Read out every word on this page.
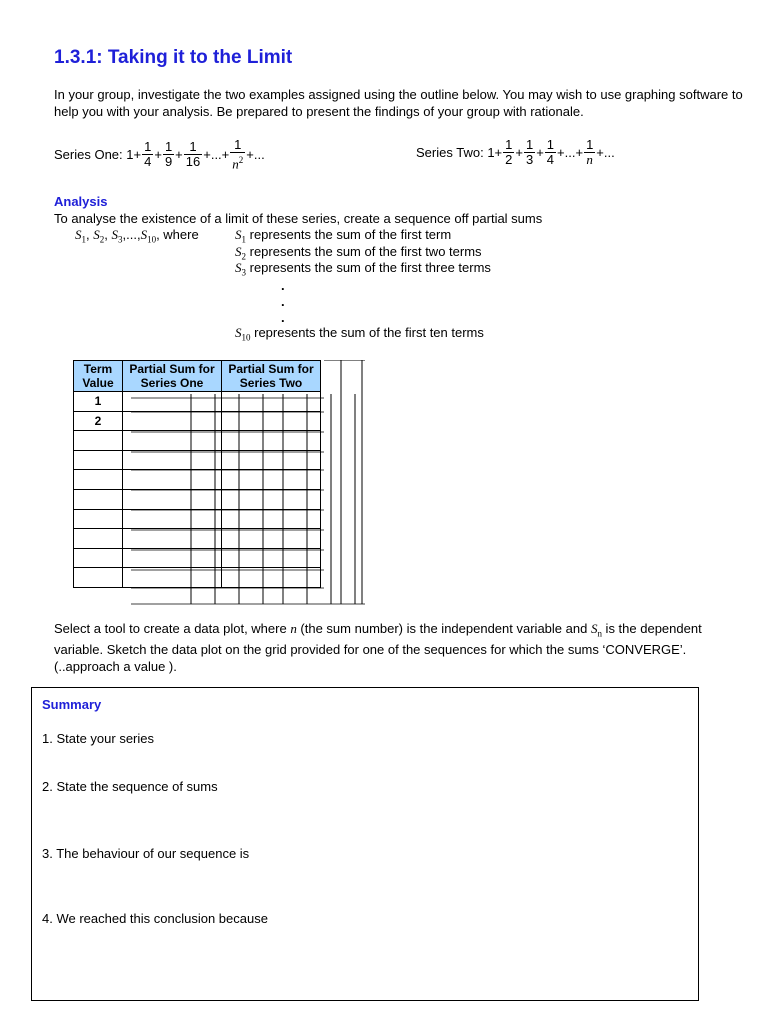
1.3.1: Taking it to the Limit
In your group, investigate the two examples assigned using the outline below. You may wish to use graphing software to help you with your analysis. Be prepared to present the findings of your group with rationale.
Series One: $1+ \frac{1}{4} + \frac{1}{9} + \frac{1}{16}$ +...+ $\frac{1}{n^2}$ +...	Series Two: $1+ \frac{1}{2} + \frac{1}{3} + \frac{1}{4}$ +...+ $\frac{1}{n}$ +...
Analysis
To analyse the existence of a limit of these series, create a sequence off partial sums
$S_1$, $S_2$, $S_3,...,S_{10}$, where	$S_1$ represents the sum of the first term
$S_2$ represents the sum of the first two terms
$S_3$ represents the sum of the first three terms
.
.
.
$S_{10}$ represents the sum of the first ten terms
Term Value	Partial Sum for Series One	Partial Sum for Series Two
1		
2		

Select a tool to create a data plot, where n (the sum number) is the independent variable and $S_n$ is the dependent variable. Sketch the data plot on the grid provided for one of the sequences for which the sums ‘CONVERGE’. (..approach a value ).
Summary
1. State your series
2. State the sequence of sums
3. The behaviour of our sequence is
4. We reached this conclusion because
